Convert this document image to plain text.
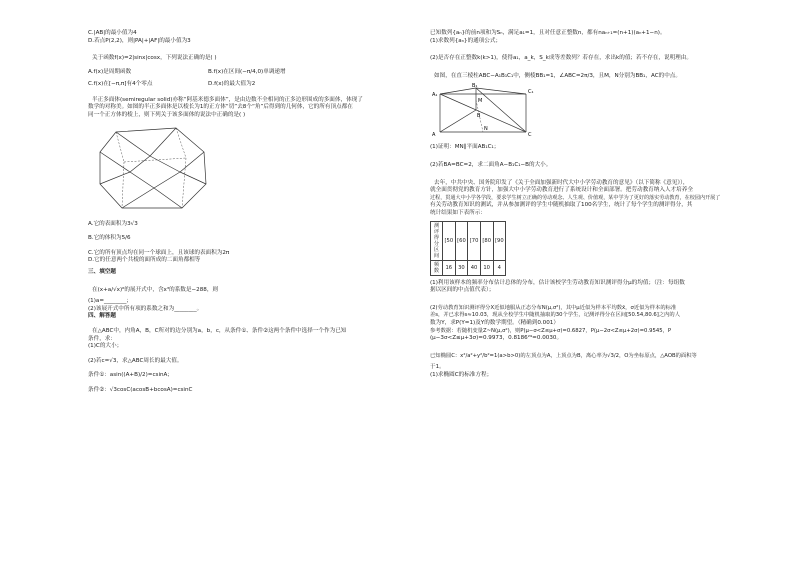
C.|AB|的最小值为4

D.若点P(2,2)，则|PA|+|AF|的最小值为3

关于函数f(x)=2|sinx|cosx，下列说法正确的是( )

A.f(x)是周期函数	B.f(x)在区间(−π/4,0)单调递增
C.f(x)在[−π,π]有4个零点	D.f(x)的最大值为2

半正多面体(semiregular solid)亦称“阿基米德多面体”，是由边数不全相同的正多边形围成的多面体，体现了

数学的对称美。如图的半正多面体是以棱长为1的正方体“切”去8个“角”后得到的几何体，它的所有顶点都在

同一个正方体的棱上，则下列关于该多面体的说法中正确的是( )

A.它的表面积为3√3

B.它的体积为5/6

C.它的所有顶点均在同一个球面上，且该球的表面积为2π

D.它的任意两个共棱的面所成的二面角都相等

三、填空题

在(x+a/√x)⁶的展开式中，含x³的系数是−288，则

(1)a=________；

(2)该展开式中所有项的系数之和为________。

四、解答题

在△ABC中，内角A，B，C所对的边分别为a，b，c，从条件①、条件②这两个条件中选择一个作为已知

条件，求：

(1)C的大小；

(2)若c=√3，求△ABC周长的最大值。

条件①：asin((A+B)/2)=csinA；

条件②：√3cosC(acosB+bcosA)=csinC

已知数列{aₙ}的前n项和为Sₙ，满足a₁=1，且对任意正整数n，都有naₙ₊₁=(n+1)(aₙ+1−n)。

(1)求数列{aₙ}的通项公式；

(2)是否存在正整数k(k>1)，使得a₁，a_k，S_k成等差数列？若存在，求出k的值；若不存在，说明理由。

如图，在直三棱柱ABC−A₁B₁C₁中，侧棱BB₁=1，∠ABC=2π/3，且M，N分别为BB₁，AC的中点。

B₁
A₁	C₁
M
N
A
B
C

(1)证明：MN∥平面AB₁C₁；

(2)若BA=BC=2，求二面角A−B₁C₁−B的大小。

去年，中共中央、国务院印发了《关于全面加强新时代大中小学劳动教育的意见》（以下简称《意见》），

就全面贯彻党的教育方针，加强大中小学劳动教育进行了系统设计和全面部署。把劳动教育纳入人才培养全

过程，贯通大中小学各学段，要求学生树立正确的劳动观念、人生观、价值观，某中学为了更好的落实劳动教育，在校园内开展了

有关劳动教育知识的测试，并从参加测评的学生中随机抽取了100名学生，统计了每个学生的测评得分，其

统计结果如下表所示：

测评得分区间	[50	[60	[70	[80	[90
频数	16	30	40	10	4

(1)利用该样本的频率分布估计总体的分布，估计该校学生劳动教育知识测评得分μ的均值；（注：每组数

据以区间的中点值代表）；

(2)劳动教育知识测评得分X近似地服从正态分布N(μ,σ²)，其中μ近似为样本平均数x̄，σ近似为样本的标准

差s，并已求得s≈10.03，现从全校学生中随机抽取的30个学生，记测评得分在区间[50.54,80.6]之内的人

数为Y，求P(Y=1)及Y的数学期望。（精确到0.001）

参考数据：若随机变量Z~N(μ,σ²)，则P(μ−σ<Z≤μ+σ)=0.6827，P(μ−2σ<Z≤μ+2σ)=0.9545，P

(μ−3σ<Z≤μ+3σ)=0.9973，0.8186²⁹=0.0030。

已知椭圆C：x²/a²+y²/b²=1(a>b>0)的左顶点为A，上顶点为B，离心率为√3/2，O为坐标原点，△AOB的面积等

于1。

(1)求椭圆C的标准方程；
